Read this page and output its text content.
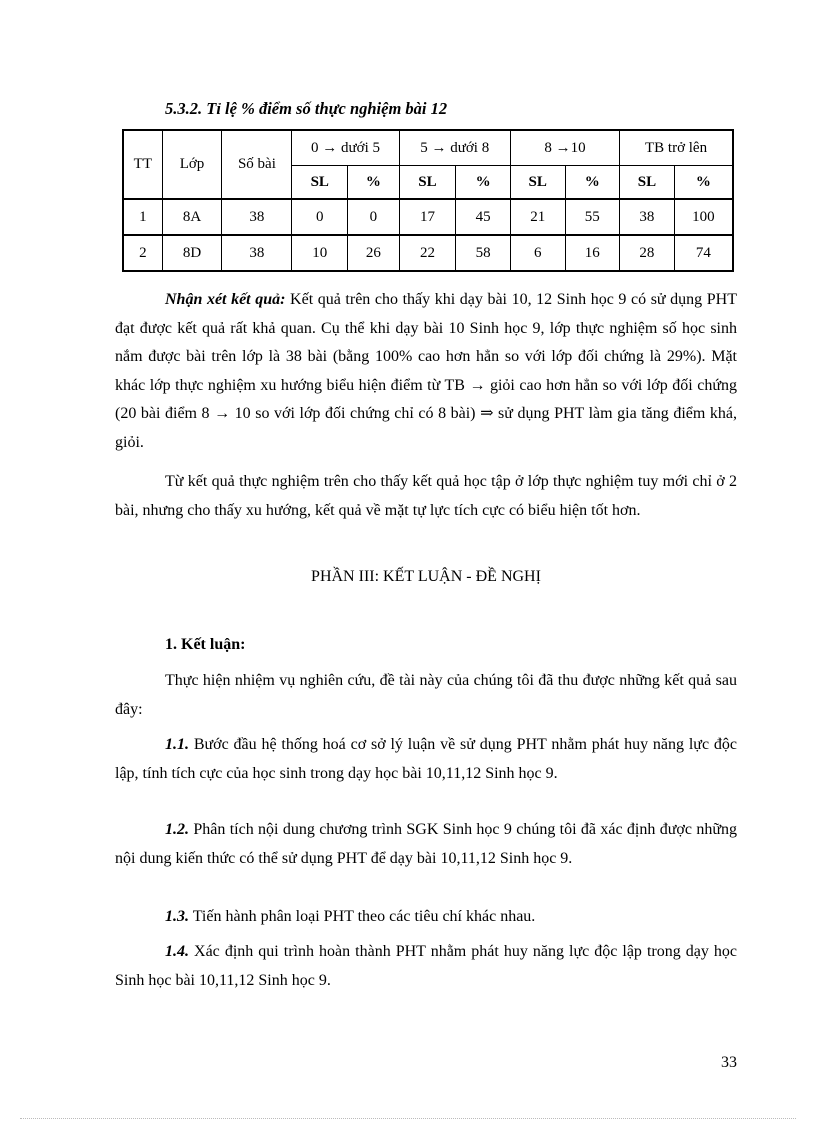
5.3.2. Tỉ lệ % điểm số thực nghiệm bài 12

TT	Lớp	Số bài	0 → dưới 5		5 → dưới 8		8 →10		TB trở lên	
			SL	%	SL	%	SL	%	SL	%
1	8A	38	0	0	17	45	21	55	38	100
2	8D	38	10	26	22	58	6	16	28	74

Nhận xét kết quả: Kết quả trên cho thấy khi dạy bài 10, 12 Sinh học 9 có sử dụng PHT đạt được kết quả rất khả quan. Cụ thể khi dạy bài 10 Sinh học 9, lớp thực nghiệm số học sinh nắm được bài trên lớp là 38 bài (bằng 100% cao hơn hẳn so với lớp đối chứng là 29%). Mặt khác lớp thực nghiệm xu hướng biểu hiện điểm từ TB → giỏi cao hơn hẳn so với lớp đối chứng (20 bài điểm 8 → 10 so với lớp đối chứng chỉ có 8 bài) ⇒ sử dụng PHT làm gia tăng điểm khá, giỏi.

Từ kết quả thực nghiệm trên cho thấy kết quả học tập ở lớp thực nghiệm tuy mới chỉ ở 2 bài, nhưng cho thấy xu hướng, kết quả về mặt tự lực tích cực có biểu hiện tốt hơn.

PHẦN III: KẾT LUẬN - ĐỀ NGHỊ

1. Kết luận:

Thực hiện nhiệm vụ nghiên cứu, đề tài này của chúng tôi đã thu được những kết quả sau đây:

1.1. Bước đầu hệ thống hoá cơ sở lý luận về sử dụng PHT nhằm phát huy năng lực độc lập, tính tích cực của học sinh trong dạy học bài 10,11,12 Sinh học 9.

1.2. Phân tích nội dung chương trình SGK Sinh học 9 chúng tôi đã xác định được những nội dung kiến thức có thể sử dụng PHT để dạy bài 10,11,12 Sinh học 9.

1.3. Tiến hành phân loại PHT theo các tiêu chí khác nhau.

1.4. Xác định qui trình hoàn thành PHT nhằm phát huy năng lực độc lập trong dạy học Sinh học bài 10,11,12 Sinh học 9.

33
